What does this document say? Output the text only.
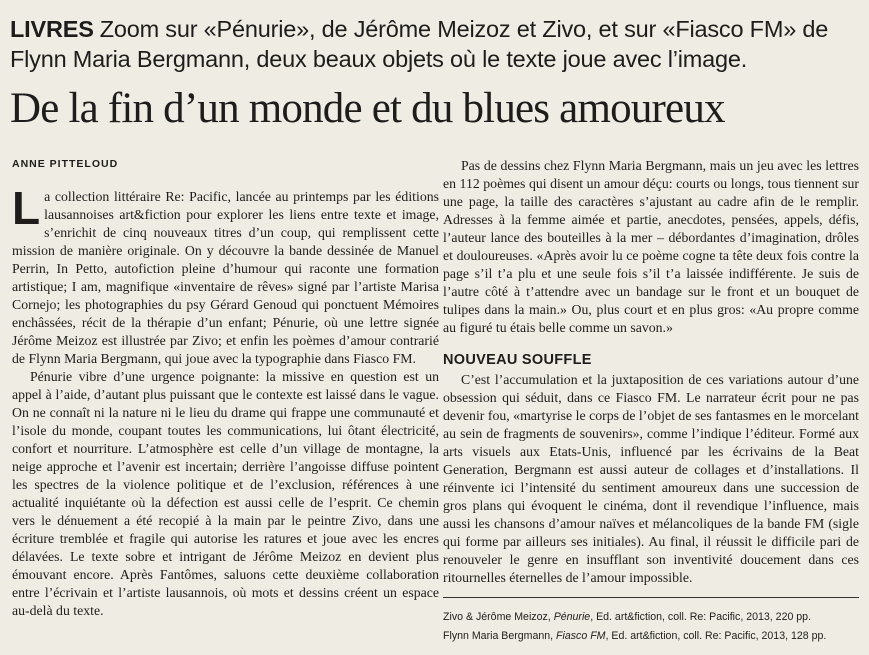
LIVRES Zoom sur «Pénurie», de Jérôme Meizoz et Zivo, et sur «Fiasco FM» de Flynn Maria Bergmann, deux beaux objets où le texte joue avec l’image.
De la fin d’un monde et du blues amoureux
ANNE PITTELOUD

La collection littéraire Re: Pacific, lancée au printemps par les éditions lausannoises art&fiction pour explorer les liens entre texte et image, s’enrichit de cinq nouveaux titres d’un coup, qui remplissent cette mission de manière originale. On y découvre la bande dessinée de Manuel Perrin, In Petto, autofiction pleine d’humour qui raconte une formation artistique; I am, magnifique «inventaire de rêves» signé par l’artiste Marisa Cornejo; les photographies du psy Gérard Genoud qui ponctuent Mémoires enchâssées, récit de la thérapie d’un enfant; Pénurie, où une lettre signée Jérôme Meizoz est illustrée par Zivo; et enfin les poèmes d’amour contrarié de Flynn Maria Bergmann, qui joue avec la typographie dans Fiasco FM.

Pénurie vibre d’une urgence poignante: la missive en question est un appel à l’aide, d’autant plus puissant que le contexte est laissé dans le vague. On ne connaît ni la nature ni le lieu du drame qui frappe une communauté et l’isole du monde, coupant toutes les communications, lui ôtant électricité, confort et nourriture. L’atmosphère est celle d’un village de montagne, la neige approche et l’avenir est incertain; derrière l’angoisse diffuse pointent les spectres de la violence politique et de l’exclusion, références à une actualité inquiétante où la défection est aussi celle de l’esprit. Ce chemin vers le dénuement a été recopié à la main par le peintre Zivo, dans une écriture tremblée et fragile qui autorise les ratures et joue avec les encres délavées. Le texte sobre et intrigant de Jérôme Meizoz en devient plus émouvant encore. Après Fantômes, saluons cette deuxième collaboration entre l’écrivain et l’artiste lausannois, où mots et dessins créent un espace au-delà du texte.

Pas de dessins chez Flynn Maria Bergmann, mais un jeu avec les lettres en 112 poèmes qui disent un amour déçu: courts ou longs, tous tiennent sur une page, la taille des caractères s’ajustant au cadre afin de le remplir. Adresses à la femme aimée et partie, anecdotes, pensées, appels, défis, l’auteur lance des bouteilles à la mer – débordantes d’imagination, drôles et douloureuses. «Après avoir lu ce poème cogne ta tête deux fois contre la page s’il t’a plu et une seule fois s’il t’a laissée indifférente. Je suis de l’autre côté à t’attendre avec un bandage sur le front et un bouquet de tulipes dans la main.» Ou, plus court et en plus gros: «Au propre comme au figuré tu étais belle comme un savon.»

NOUVEAU SOUFFLE

C’est l’accumulation et la juxtaposition de ces variations autour d’une obsession qui séduit, dans ce Fiasco FM. Le narrateur écrit pour ne pas devenir fou, «martyrise le corps de l’objet de ses fantasmes en le morcelant au sein de fragments de souvenirs», comme l’indique l’éditeur. Formé aux arts visuels aux Etats-Unis, influencé par les écrivains de la Beat Generation, Bergmann est aussi auteur de collages et d’installations. Il réinvente ici l’intensité du sentiment amoureux dans une succession de gros plans qui évoquent le cinéma, dont il revendique l’influence, mais aussi les chansons d’amour naïves et mélancoliques de la bande FM (sigle qui forme par ailleurs ses initiales). Au final, il réussit le difficile pari de renouveler le genre en insufflant son inventivité doucement dans ces ritournelles éternelles de l’amour impossible.

Zivo & Jérôme Meizoz, Pénurie, Ed. art&fiction, coll. Re: Pacific, 2013, 220 pp.
Flynn Maria Bergmann, Fiasco FM, Ed. art&fiction, coll. Re: Pacific, 2013, 128 pp.
